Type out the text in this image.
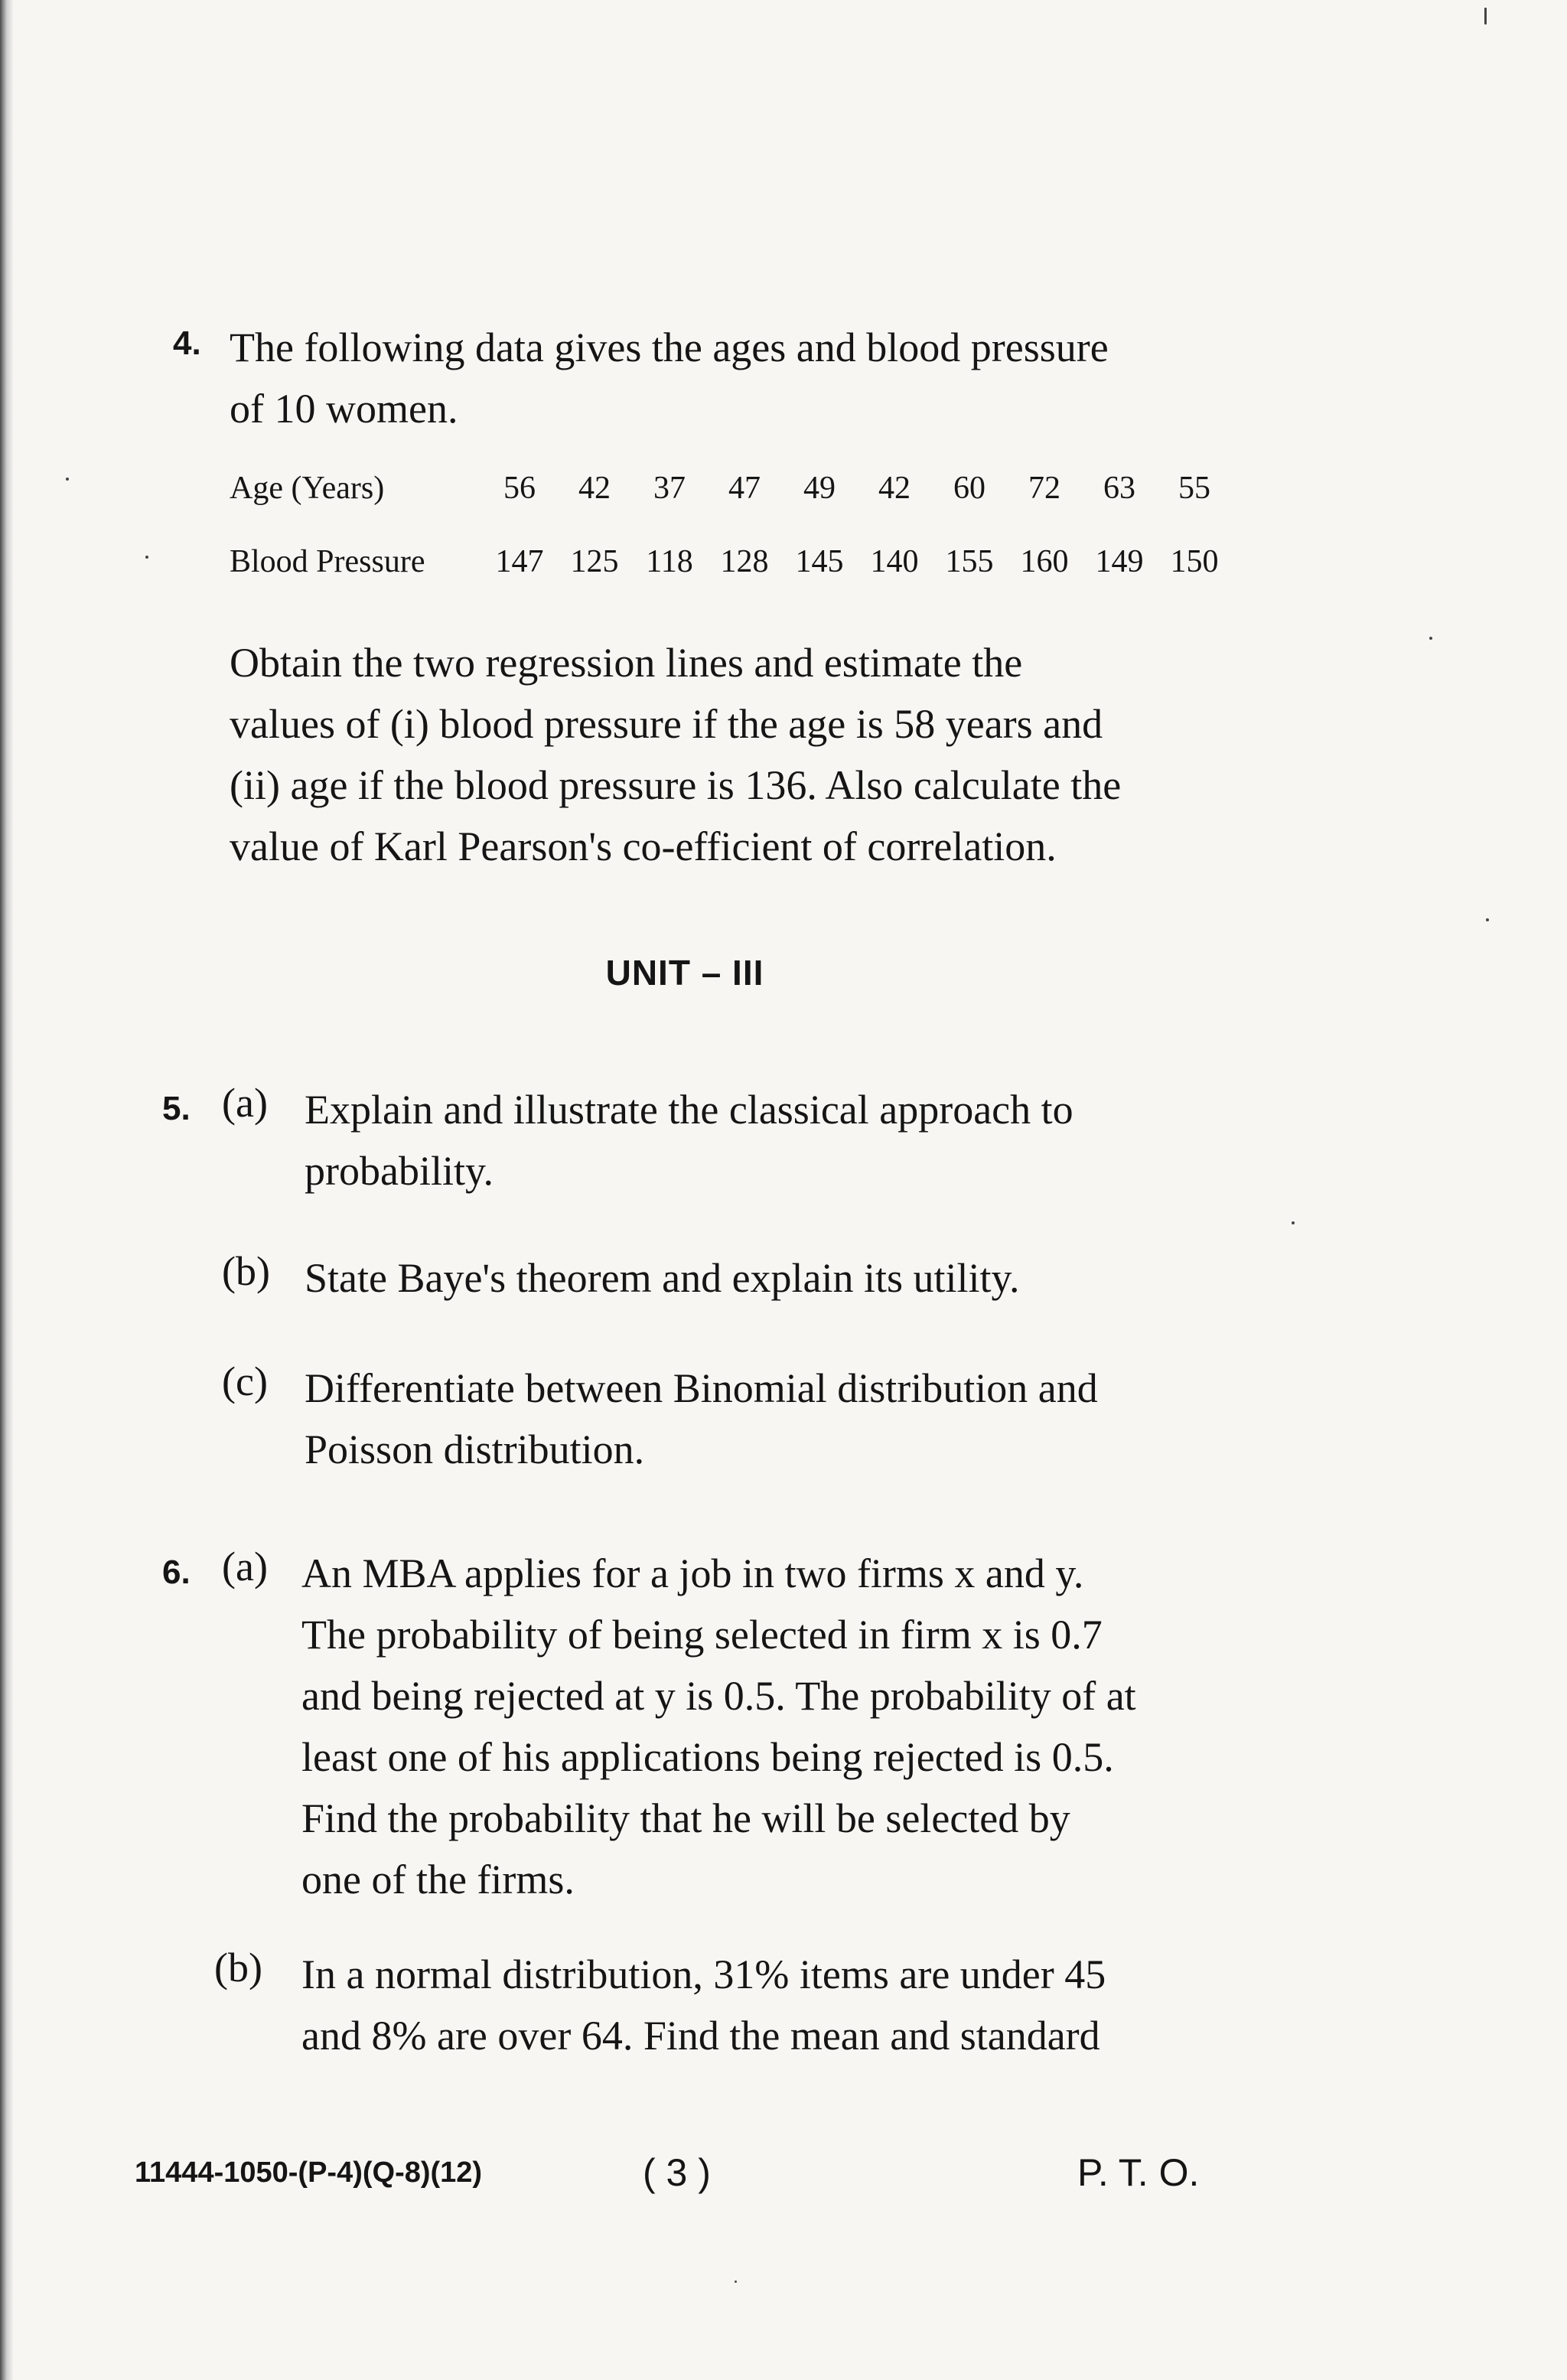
4. The following data gives the ages and blood pressure
of 10 women.
Age (Years)	56	42	37	47	49	42	60	72	63	55
Blood Pressure	147	125	118	128	145	140	155	160	149	150
Obtain the two regression lines and estimate the
values of (i) blood pressure if the age is 58 years and
(ii) age if the blood pressure is 136. Also calculate the
value of Karl Pearson's co-efficient of correlation.
UNIT – III
5. (a) Explain and illustrate the classical approach to
probability.
(b) State Baye's theorem and explain its utility.
(c) Differentiate between Binomial distribution and
Poisson distribution.
6. (a) An MBA applies for a job in two firms x and y.
The probability of being selected in firm x is 0.7
and being rejected at y is 0.5. The probability of at
least one of his applications being rejected is 0.5.
Find the probability that he will be selected by
one of the firms.
(b) In a normal distribution, 31% items are under 45
and 8% are over 64. Find the mean and standard
11444-1050-(P-4)(Q-8)(12)	( 3 )	P. T. O.
